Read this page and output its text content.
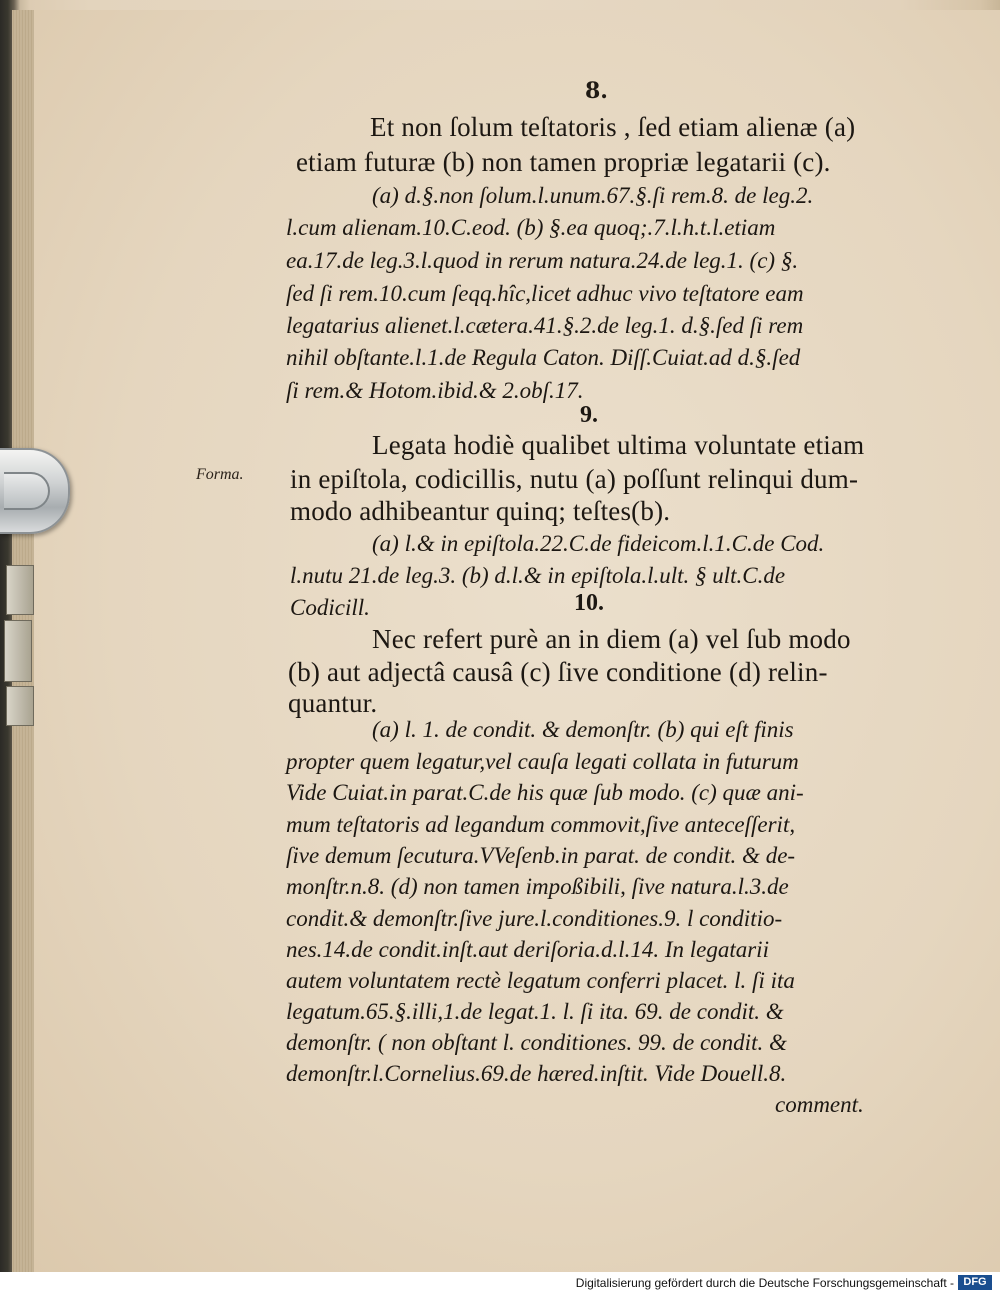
8.
Forma.
Et non ſolum teſtatoris , ſed etiam alienæ (a)
etiam futuræ (b) non tamen propriæ legatarii (c).
(a) d.§.non ſolum.l.unum.67.§.ſi rem.8. de leg.2.
l.cum alienam.10.C.eod. (b) §.ea quoq;.7.l.h.t.l.etiam
ea.17.de leg.3.l.quod in rerum natura.24.de leg.1. (c) §.
ſed ſi rem.10.cum ſeqq.hîc,licet adhuc vivo teſtatore eam
legatarius alienet.l.cætera.41.§.2.de leg.1. d.§.ſed ſi rem
nihil obſtante.l.1.de Regula Caton. Diſſ.Cuiat.ad d.§.ſed
ſi rem.& Hotom.ibid.& 2.obſ.17.
Legata hodiè qualibet ultima voluntate etiam
in epiſtola, codicillis, nutu (a) poſſunt relinqui dum-
modo adhibeantur quinq; teſtes(b).
(a) l.& in epiſtola.22.C.de fideicom.l.1.C.de Cod.
l.nutu 21.de leg.3. (b) d.l.& in epiſtola.l.ult. § ult.C.de
Codicill.
Nec refert purè an in diem (a) vel ſub modo
(b) aut adjectâ causâ (c) ſive conditione (d) relin-
quantur.
(a) l. 1. de condit. & demonſtr. (b) qui eſt finis
propter quem legatur,vel cauſa legati collata in futurum
Vide Cuiat.in parat.C.de his quæ ſub modo. (c) quæ ani-
mum teſtatoris ad legandum commovit,ſive anteceſſerit,
ſive demum ſecutura.VVeſenb.in parat. de condit. & de-
monſtr.n.8. (d) non tamen impoßibili, ſive natura.l.3.de
condit.& demonſtr.ſive jure.l.conditiones.9. l conditio-
nes.14.de condit.inſt.aut deriſoria.d.l.14. In legatarii
autem voluntatem rectè legatum conferri placet. l. ſi ita
legatum.65.§.illi,1.de legat.1. l. ſi ita. 69. de condit. &
demonſtr. ( non obſtant l. conditiones. 99. de condit. &
demonſtr.l.Cornelius.69.de hæred.inſtit. Vide Douell.8.
comment.
9.
10.
Digitalisierung gefördert durch die Deutsche Forschungsgemeinschaft - DFG
